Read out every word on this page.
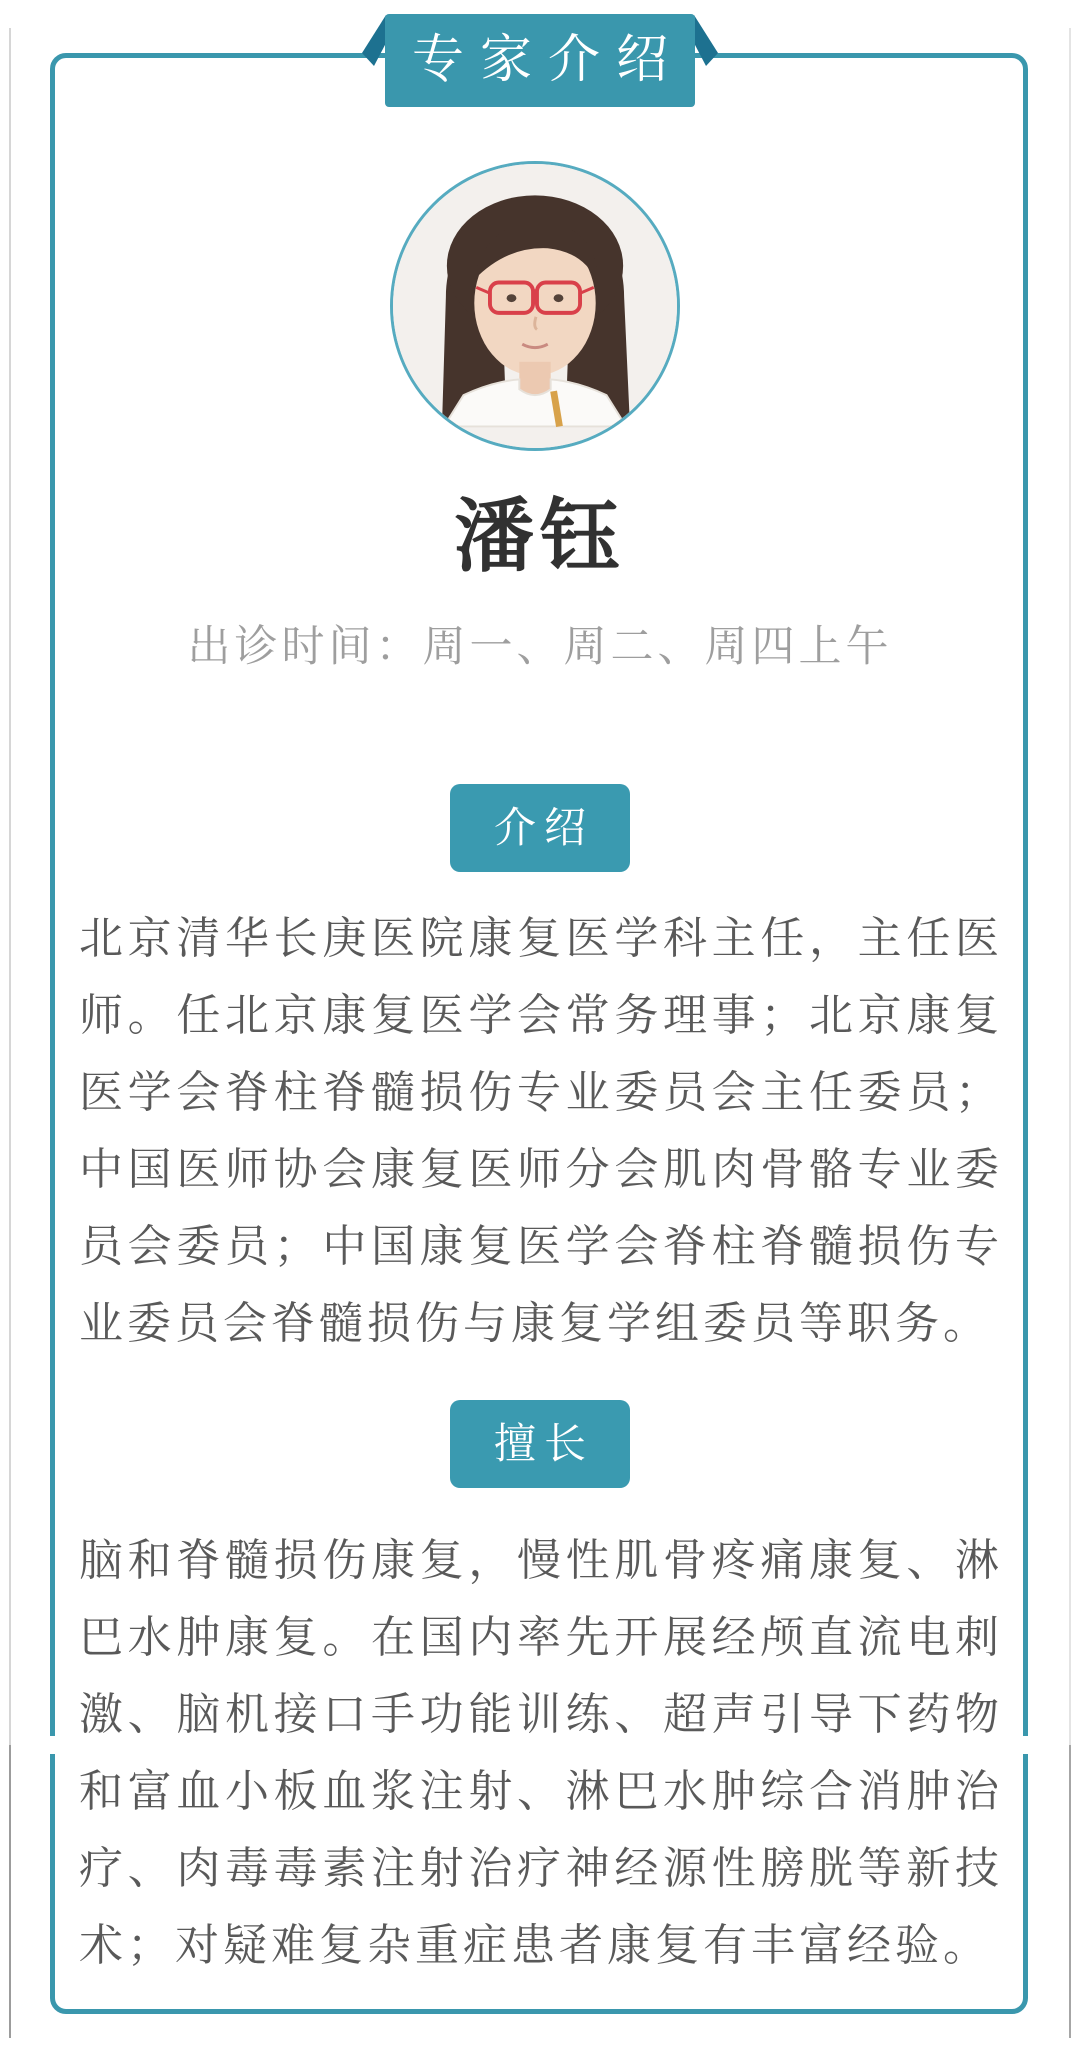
专家介绍
潘钰
出诊时间：周一、周二、周四上午
介绍
北京清华长庚医院康复医学科主任，主任医师。任北京康复医学会常务理事；北京康复医学会脊柱脊髓损伤专业委员会主任委员；中国医师协会康复医师分会肌肉骨骼专业委员会委员；中国康复医学会脊柱脊髓损伤专业委员会脊髓损伤与康复学组委员等职务。
擅长
脑和脊髓损伤康复，慢性肌骨疼痛康复、淋巴水肿康复。在国内率先开展经颅直流电刺激、脑机接口手功能训练、超声引导下药物和富血小板血浆注射、淋巴水肿综合消肿治疗、肉毒毒素注射治疗神经源性膀胱等新技术；对疑难复杂重症患者康复有丰富经验。
